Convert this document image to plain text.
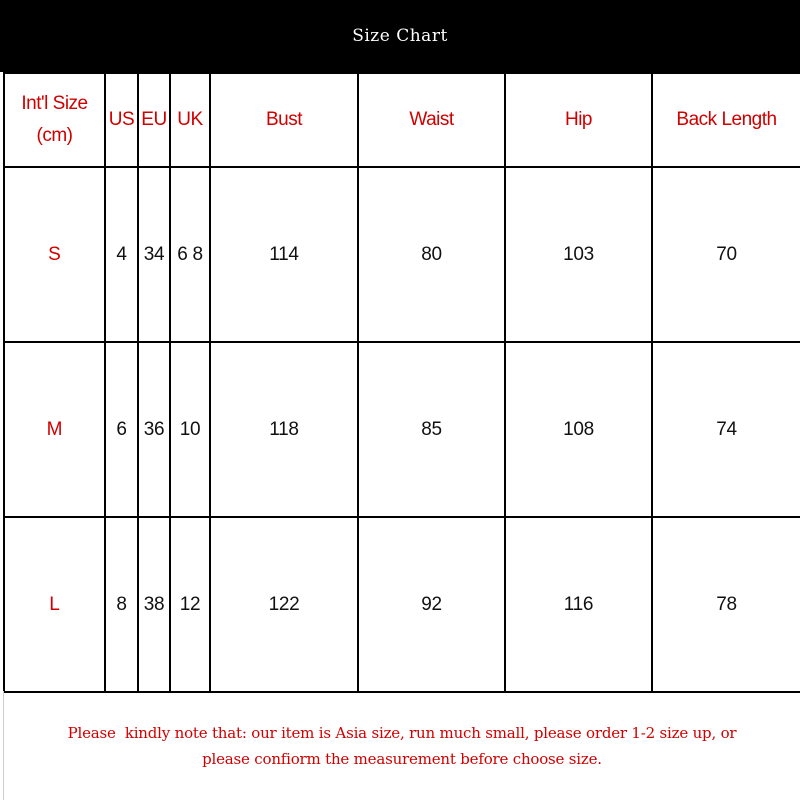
Size Chart
Int'l Size
(cm)	US	EU	UK	Bust	Waist	Hip	Back Length
S	4	34	6 8	114	80	103	70
M	6	36	10	118	85	108	74
L	8	38	12	122	92	116	78
Please  kindly note that: our item is Asia size, run much small, please order 1-2 size up, or
please confiorm the measurement before choose size.
